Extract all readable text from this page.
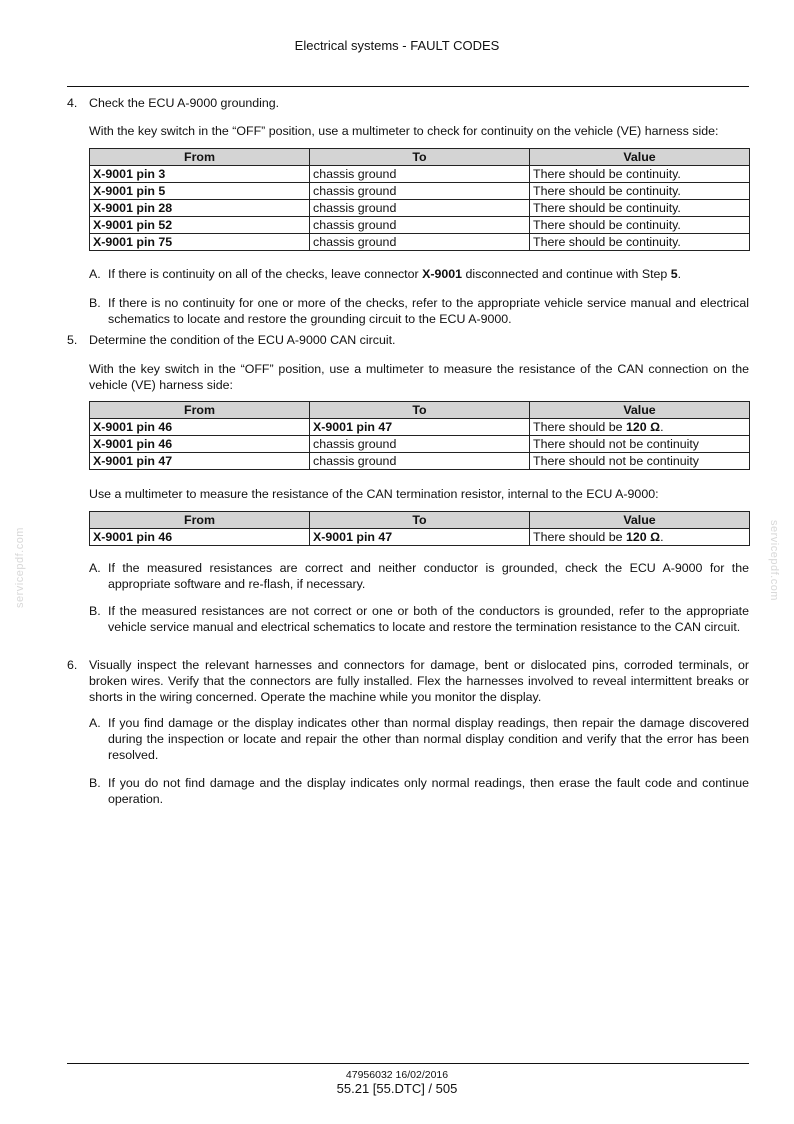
Electrical systems - FAULT CODES
4. Check the ECU A-9000 grounding.
With the key switch in the “OFF” position, use a multimeter to check for continuity on the vehicle (VE) harness side:
From	To	Value
X-9001 pin 3	chassis ground	There should be continuity.
X-9001 pin 5	chassis ground	There should be continuity.
X-9001 pin 28	chassis ground	There should be continuity.
X-9001 pin 52	chassis ground	There should be continuity.
X-9001 pin 75	chassis ground	There should be continuity.
A. If there is continuity on all of the checks, leave connector X-9001 disconnected and continue with Step 5.
B. If there is no continuity for one or more of the checks, refer to the appropriate vehicle service manual and electrical schematics to locate and restore the grounding circuit to the ECU A-9000.
5. Determine the condition of the ECU A-9000 CAN circuit.
With the key switch in the “OFF” position, use a multimeter to measure the resistance of the CAN connection on the vehicle (VE) harness side:
From	To	Value
X-9001 pin 46	X-9001 pin 47	There should be 120 Ω.
X-9001 pin 46	chassis ground	There should not be continuity
X-9001 pin 47	chassis ground	There should not be continuity
Use a multimeter to measure the resistance of the CAN termination resistor, internal to the ECU A-9000:
From	To	Value
X-9001 pin 46	X-9001 pin 47	There should be 120 Ω.
A. If the measured resistances are correct and neither conductor is grounded, check the ECU A-9000 for the appropriate software and re-flash, if necessary.
B. If the measured resistances are not correct or one or both of the conductors is grounded, refer to the appropriate vehicle service manual and electrical schematics to locate and restore the termination resistance to the CAN circuit.
6. Visually inspect the relevant harnesses and connectors for damage, bent or dislocated pins, corroded terminals, or broken wires. Verify that the connectors are fully installed. Flex the harnesses involved to reveal intermittent breaks or shorts in the wiring concerned. Operate the machine while you monitor the display.
A. If you find damage or the display indicates other than normal display readings, then repair the damage discovered during the inspection or locate and repair the other than normal display condition and verify that the error has been resolved.
B. If you do not find damage and the display indicates only normal readings, then erase the fault code and continue operation.
servicepdf.com	servicepdf.com
47956032 16/02/2016
55.21 [55.DTC] / 505
